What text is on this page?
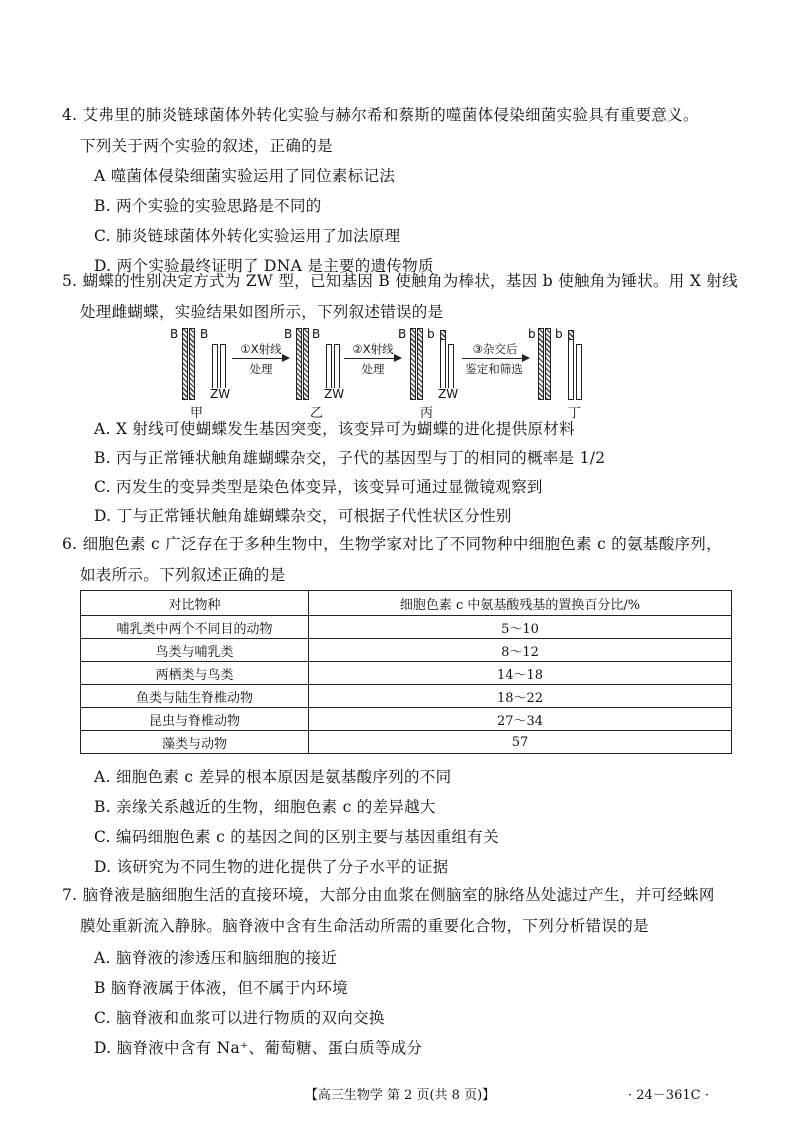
4. 艾弗里的肺炎链球菌体外转化实验与赫尔希和蔡斯的噬菌体侵染细菌实验具有重要意义。
下列关于两个实验的叙述，正确的是
A 噬菌体侵染细菌实验运用了同位素标记法
B. 两个实验的实验思路是不同的
C. 肺炎链球菌体外转化实验运用了加法原理
D. 两个实验最终证明了 DNA 是主要的遗传物质
5. 蝴蝶的性别决定方式为 ZW 型，已知基因 B 使触角为棒状，基因 b 使触角为锤状。用 X 射线
处理雌蝴蝶，实验结果如图所示，下列叙述错误的是
B B
ZW
甲
①X射线
处理
B B
ZW
乙
②X射线
处理
B b
ZW
丙
③杂交后
鉴定和筛选
b b
丁
A. X 射线可使蝴蝶发生基因突变，该变异可为蝴蝶的进化提供原材料
B. 丙与正常锤状触角雄蝴蝶杂交，子代的基因型与丁的相同的概率是 1/2
C. 丙发生的变异类型是染色体变异，该变异可通过显微镜观察到
D. 丁与正常锤状触角雄蝴蝶杂交，可根据子代性状区分性别
6. 细胞色素 c 广泛存在于多种生物中，生物学家对比了不同物种中细胞色素 c 的氨基酸序列，
如表所示。下列叙述正确的是
对比物种	细胞色素 c 中氨基酸残基的置换百分比/%
哺乳类中两个不同目的动物	5～10
鸟类与哺乳类	8～12
两栖类与鸟类	14～18
鱼类与陆生脊椎动物	18～22
昆虫与脊椎动物	27～34
藻类与动物	57
A. 细胞色素 c 差异的根本原因是氨基酸序列的不同
B. 亲缘关系越近的生物，细胞色素 c 的差异越大
C. 编码细胞色素 c 的基因之间的区别主要与基因重组有关
D. 该研究为不同生物的进化提供了分子水平的证据
7. 脑脊液是脑细胞生活的直接环境，大部分由血浆在侧脑室的脉络丛处滤过产生，并可经蛛网
膜处重新流入静脉。脑脊液中含有生命活动所需的重要化合物，下列分析错误的是
A. 脑脊液的渗透压和脑细胞的接近
B 脑脊液属于体液，但不属于内环境
C. 脑脊液和血浆可以进行物质的双向交换
D. 脑脊液中含有 Na⁺、葡萄糖、蛋白质等成分
【高三生物学 第 2 页(共 8 页)】	· 24－361C ·
